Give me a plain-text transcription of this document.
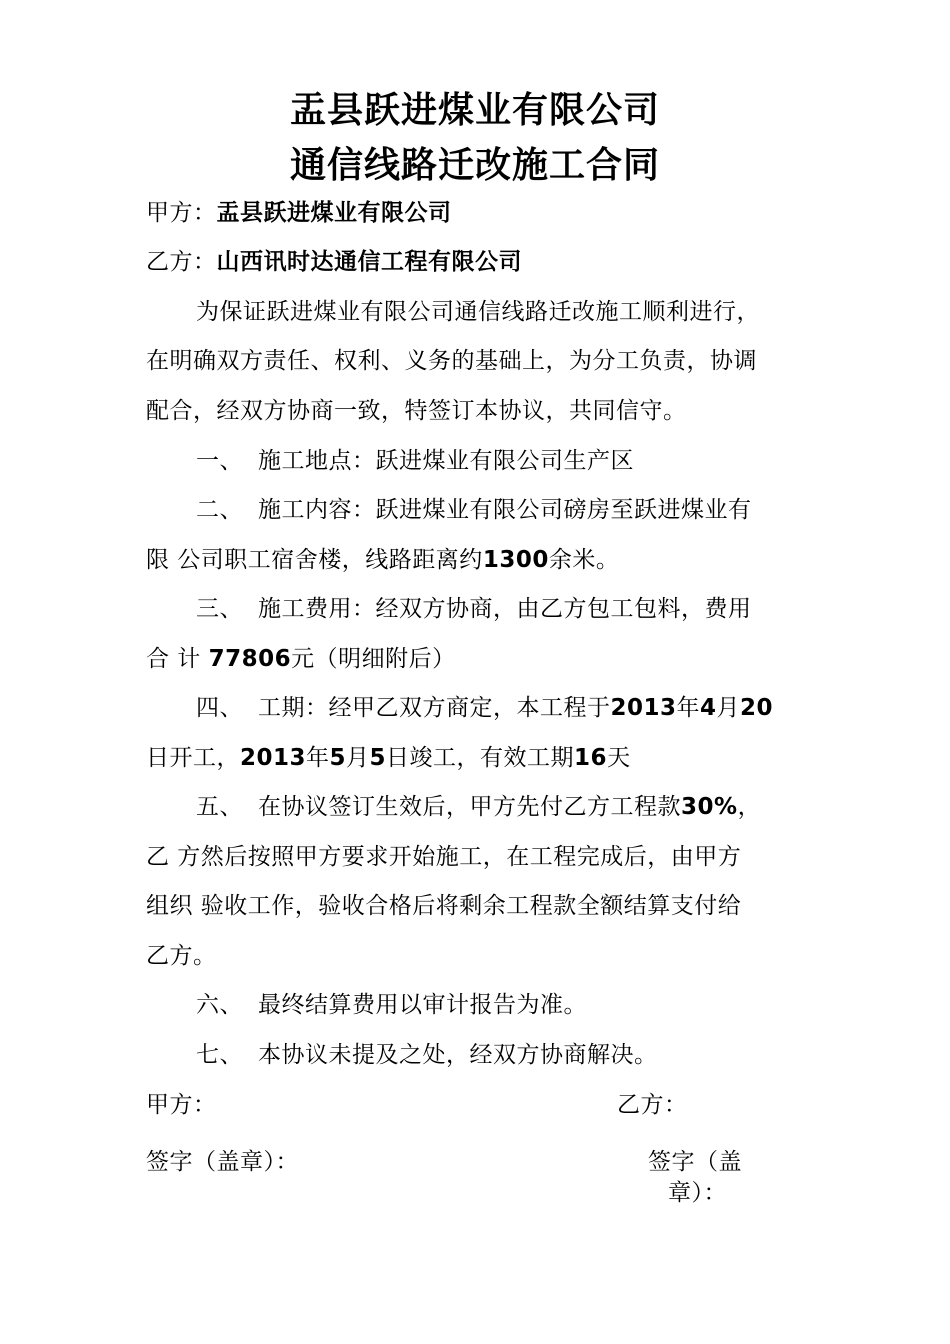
盂县跃进煤业有限公司
通信线路迁改施工合同
甲方：盂县跃进煤业有限公司
乙方：山西讯时达通信工程有限公司
为保证跃进煤业有限公司通信线路迁改施工顺利进行，
在明确双方责任、权利、义务的基础上，为分工负责，协调
配合，经双方协商一致，特签订本协议，共同信守。
一、 施工地点：跃进煤业有限公司生产区
二、 施工内容：跃进煤业有限公司磅房至跃进煤业有
限 公司职工宿舍楼，线路距离约1300余米。
三、 施工费用：经双方协商，由乙方包工包料，费用
合 计 77806元（明细附后）
四、 工期：经甲乙双方商定，本工程于2013年4月20
日开工，2013年5月5日竣工，有效工期16天
五、 在协议签订生效后，甲方先付乙方工程款30%，
乙 方然后按照甲方要求开始施工，在工程完成后，由甲方
组织 验收工作，验收合格后将剩余工程款全额结算支付给
乙方。
六、 最终结算费用以审计报告为准。
七、 本协议未提及之处，经双方协商解决。
甲方：	乙方：
签字（盖章）：	签字（盖
章）：
